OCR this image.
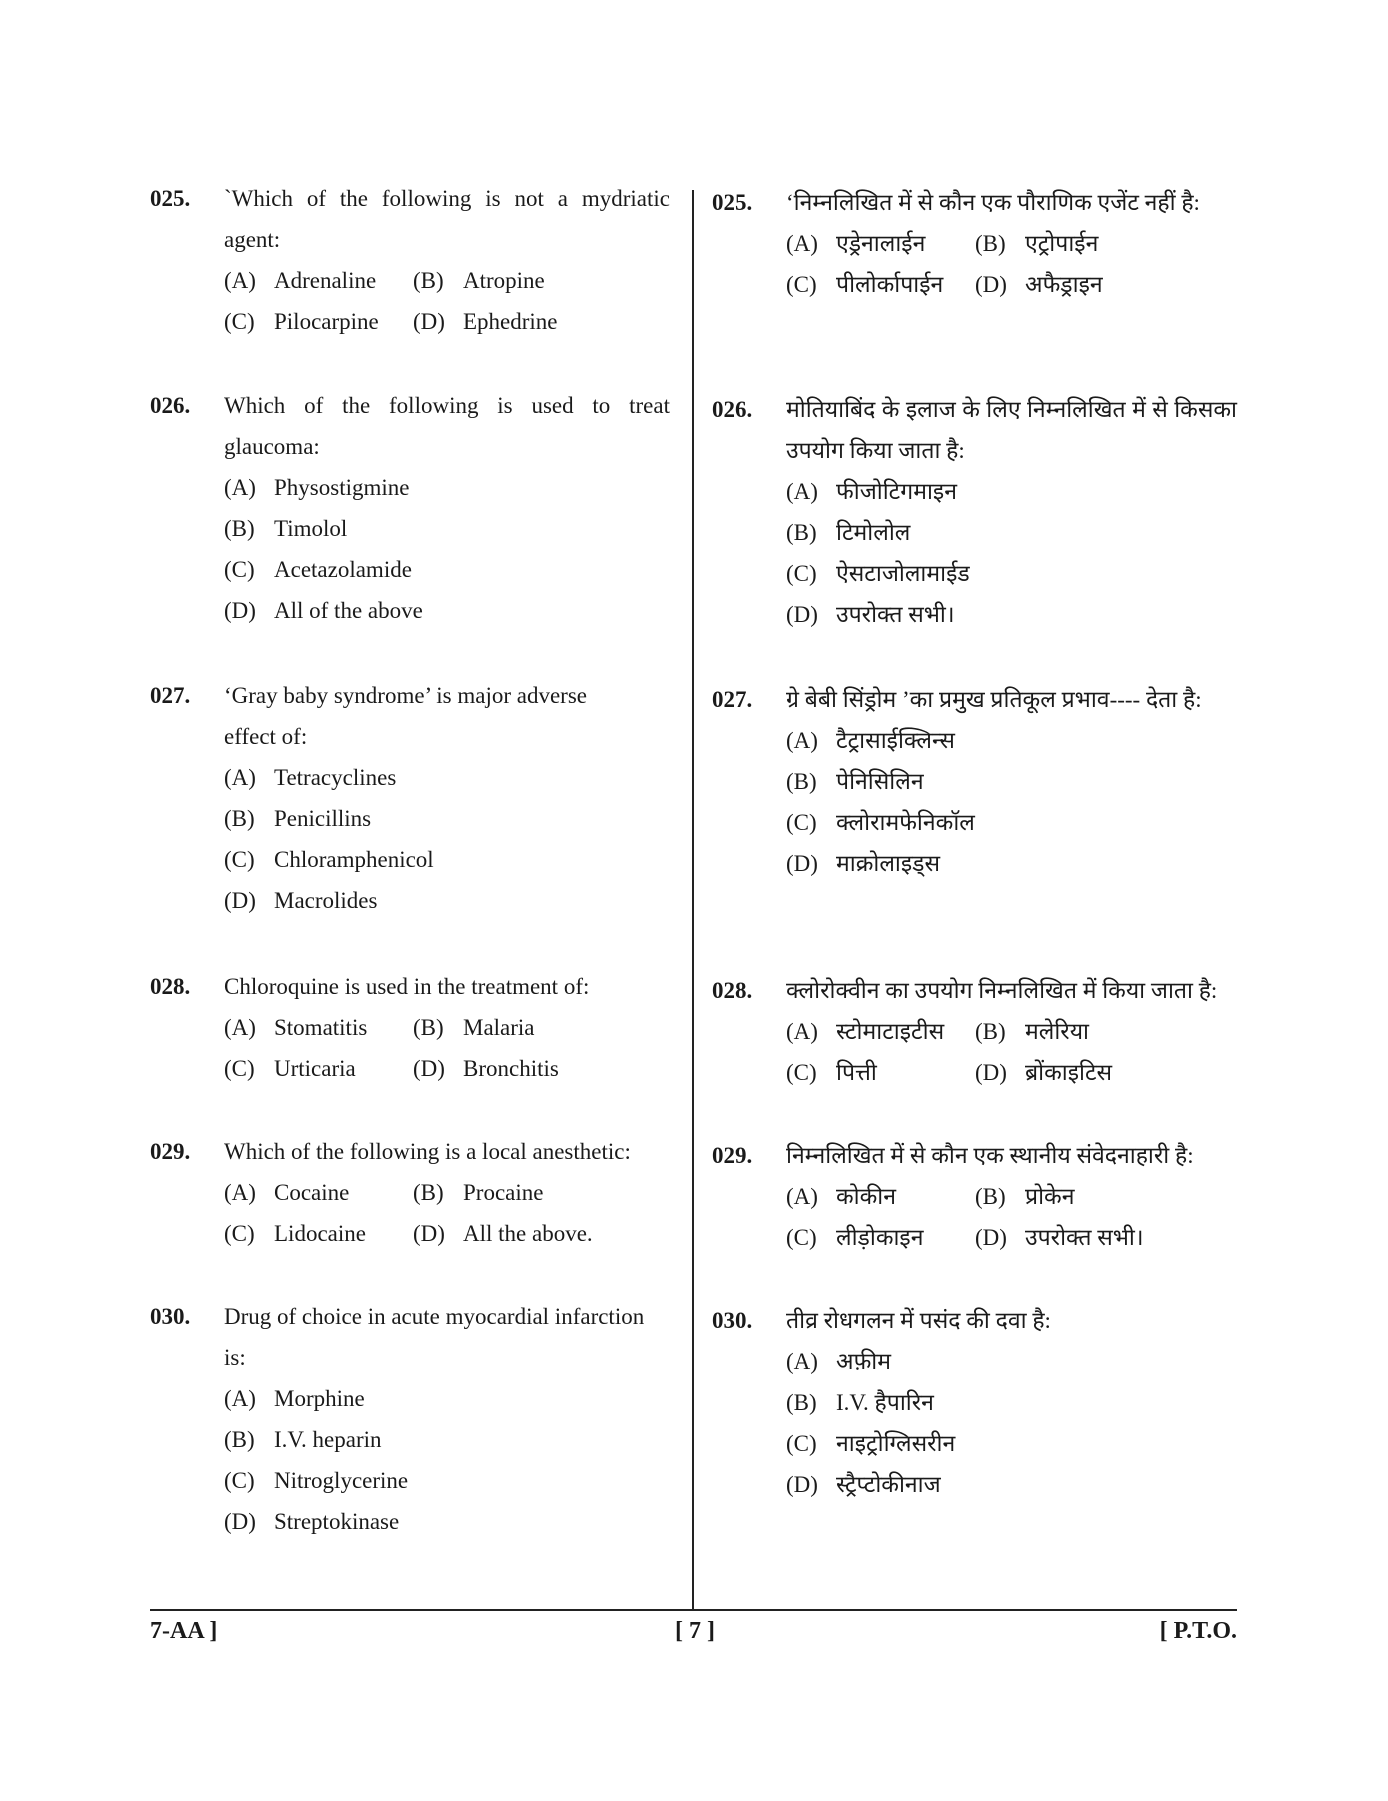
025. `Which of the following is not a mydriatic agent:
(A) Adrenaline (B) Atropine
(C) Pilocarpine (D) Ephedrine
026. Which of the following is used to treat glaucoma:
(A) Physostigmine
(B) Timolol
(C) Acetazolamide
(D) All of the above
027. ‘Gray baby syndrome’ is major adverse effect of:
(A) Tetracyclines
(B) Penicillins
(C) Chloramphenicol
(D) Macrolides
028. Chloroquine is used in the treatment of:
(A) Stomatitis (B) Malaria
(C) Urticaria (D) Bronchitis
029. Which of the following is a local anesthetic:
(A) Cocaine	(B) Procaine
(C) Lidocaine (D) All the above.
030. Drug of choice in acute myocardial infarction is:
(A) Morphine
(B) I.V. heparin
(C) Nitroglycerine
(D) Streptokinase
025. ‘निम्नलिखित में से कौन एक पौराणिक एजेंट नहीं है:
(A) एड्रेनालाईन (B) एट्रोपाईन
(C) पीलोर्कापाईन (D) अफैड्राइन
026. मोतियाबिंद के इलाज के लिए निम्नलिखित में से किसका उपयोग किया जाता है:
(A) फीजोटिगमाइन
(B) टिमोलोल
(C) ऐसटाजोलामाईड
(D) उपरोक्त सभी।
027. ग्रे बेबी सिंड्रोम ’का प्रमुख प्रतिकूल प्रभाव---- देता है:
(A) टैट्रासाईक्लिन्स
(B) पेनिसिलिन
(C) क्लोरामफेनिकॉल
(D) माक्रोलाइड्स
028. क्लोरोक्वीन का उपयोग निम्नलिखित में किया जाता है:
(A) स्टोमाटाइटीस (B) मलेरिया
(C) पित्ती	(D) ब्रोंकाइटिस
029. निम्नलिखित में से कौन एक स्थानीय संवेदनाहारी है:
(A) कोकीन	(B) प्रोकेन
(C) लीड़ोकाइन (D) उपरोक्त सभी।
030. तीव्र रोधगलन में पसंद की दवा है:
(A) अफ़ीम
(B) I.V. हैपारिन
(C) नाइट्रोग्लिसरीन
(D) स्ट्रैप्टोकीनाज
7-AA ]	[ 7 ]	[ P.T.O.
